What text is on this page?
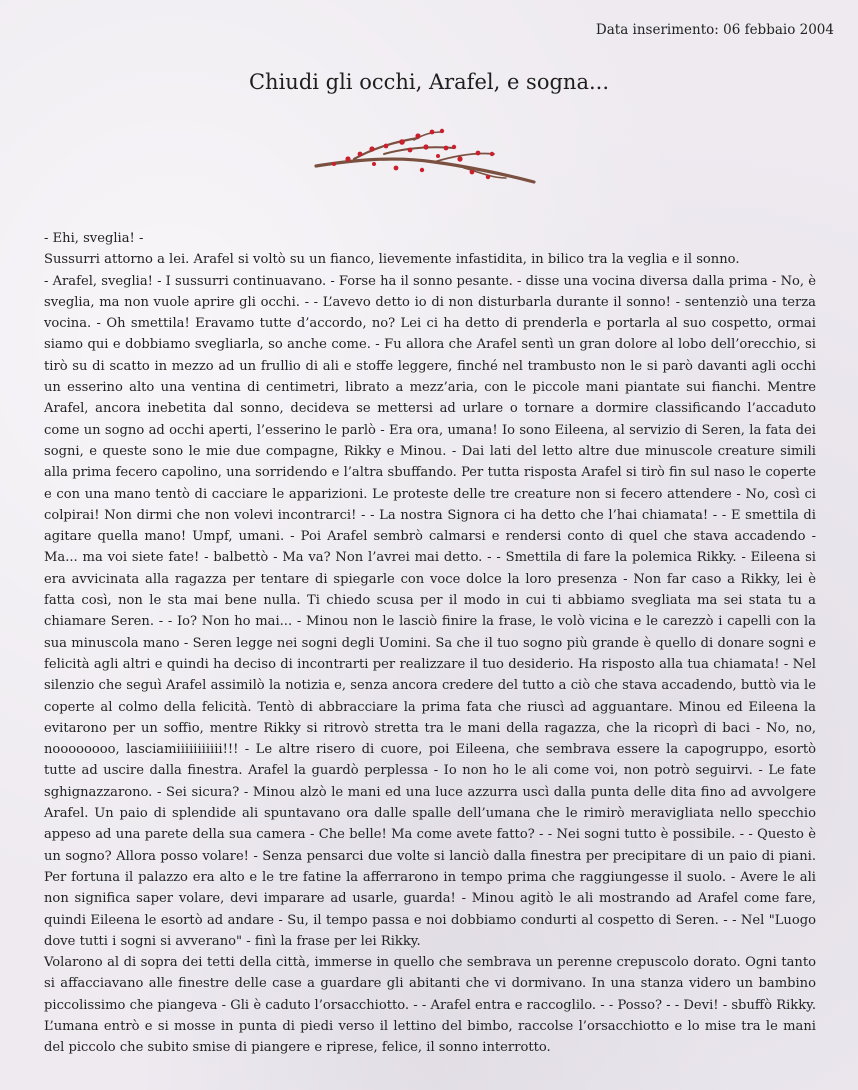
Data inserimento: 06 febbaio 2004
Chiudi gli occhi, Arafel, e sogna...

- Ehi, sveglia! -

Sussurri attorno a lei. Arafel si voltò su un fianco, lievemente infastidita, in bilico tra la veglia e il sonno.

- Arafel, sveglia! - I sussurri continuavano. - Forse ha il sonno pesante. - disse una vocina diversa dalla prima - No, è sveglia, ma non vuole aprire gli occhi. - - L’avevo detto io di non disturbarla durante il sonno! - sentenziò una terza vocina. - Oh smettila! Eravamo tutte d’accordo, no? Lei ci ha detto di prenderla e portarla al suo cospetto, ormai siamo qui e dobbiamo svegliarla, so anche come. - Fu allora che Arafel sentì un gran dolore al lobo dell’orecchio, si tirò su di scatto in mezzo ad un frullio di ali e stoffe leggere, finché nel trambusto non le si parò davanti agli occhi un esserino alto una ventina di centimetri, librato a mezz’aria, con le piccole mani piantate sui fianchi. Mentre Arafel, ancora inebetita dal sonno, decideva se mettersi ad urlare o tornare a dormire classificando l’accaduto come un sogno ad occhi aperti, l’esserino le parlò - Era ora, umana! Io sono Eileena, al servizio di Seren, la fata dei sogni, e queste sono le mie due compagne, Rikky e Minou. - Dai lati del letto altre due minuscole creature simili alla prima fecero capolino, una sorridendo e l’altra sbuffando. Per tutta risposta Arafel si tirò fin sul naso le coperte e con una mano tentò di cacciare le apparizioni. Le proteste delle tre creature non si fecero attendere - No, così ci colpirai! Non dirmi che non volevi incontrarci! - - La nostra Signora ci ha detto che l’hai chiamata! - - E smettila di agitare quella mano! Umpf, umani. - Poi Arafel sembrò calmarsi e rendersi conto di quel che stava accadendo - Ma... ma voi siete fate! - balbettò - Ma va? Non l’avrei mai detto. - - Smettila di fare la polemica Rikky. - Eileena si era avvicinata alla ragazza per tentare di spiegarle con voce dolce la loro presenza - Non far caso a Rikky, lei è fatta così, non le sta mai bene nulla. Ti chiedo scusa per il modo in cui ti abbiamo svegliata ma sei stata tu a chiamare Seren. - - Io? Non ho mai... - Minou non le lasciò finire la frase, le volò vicina e le carezzò i capelli con la sua minuscola mano - Seren legge nei sogni degli Uomini. Sa che il tuo sogno più grande è quello di donare sogni e felicità agli altri e quindi ha deciso di incontrarti per realizzare il tuo desiderio. Ha risposto alla tua chiamata! - Nel silenzio che seguì Arafel assimilò la notizia e, senza ancora credere del tutto a ciò che stava accadendo, buttò via le coperte al colmo della felicità. Tentò di abbracciare la prima fata che riuscì ad agguantare. Minou ed Eileena la evitarono per un soffio, mentre Rikky si ritrovò stretta tra le mani della ragazza, che la ricoprì di baci - No, no, noooooooo, lasciamiiiiiiiiiii!!! - Le altre risero di cuore, poi Eileena, che sembrava essere la capogruppo, esortò tutte ad uscire dalla finestra. Arafel la guardò perplessa - Io non ho le ali come voi, non potrò seguirvi. - Le fate sghignazzarono. - Sei sicura? - Minou alzò le mani ed una luce azzurra uscì dalla punta delle dita fino ad avvolgere Arafel. Un paio di splendide ali spuntavano ora dalle spalle dell’umana che le rimirò meravigliata nello specchio appeso ad una parete della sua camera - Che belle! Ma come avete fatto? - - Nei sogni tutto è possibile. - - Questo è un sogno? Allora posso volare! - Senza pensarci due volte si lanciò dalla finestra per precipitare di un paio di piani. Per fortuna il palazzo era alto e le tre fatine la afferrarono in tempo prima che raggiungesse il suolo. - Avere le ali non significa saper volare, devi imparare ad usarle, guarda! - Minou agitò le ali mostrando ad Arafel come fare, quindi Eileena le esortò ad andare - Su, il tempo passa e noi dobbiamo condurti al cospetto di Seren. - - Nel "Luogo dove tutti i sogni si avverano" - finì la frase per lei Rikky.

Volarono al di sopra dei tetti della città, immerse in quello che sembrava un perenne crepuscolo dorato. Ogni tanto si affacciavano alle finestre delle case a guardare gli abitanti che vi dormivano. In una stanza videro un bambino piccolissimo che piangeva - Gli è caduto l’orsacchiotto. - - Arafel entra e raccoglilo. - - Posso? - - Devi! - sbuffò Rikky. L’umana entrò e si mosse in punta di piedi verso il lettino del bimbo, raccolse l’orsacchiotto e lo mise tra le mani del piccolo che subito smise di piangere e riprese, felice, il sonno interrotto.
